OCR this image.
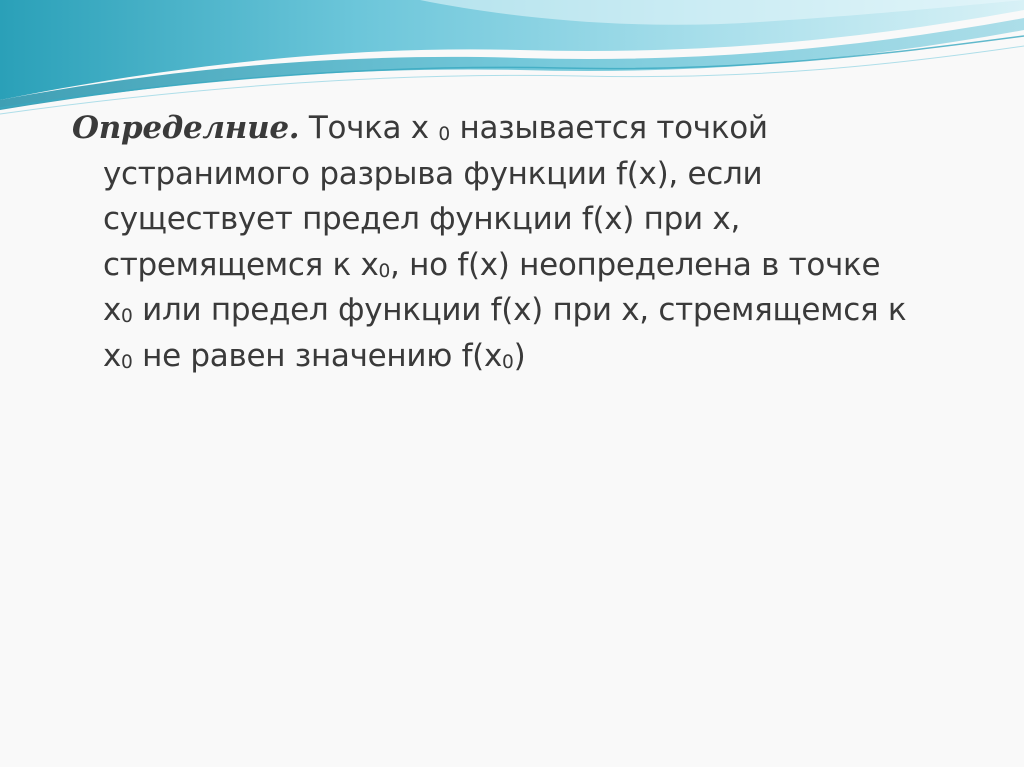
Определние. Точка x $_0$ называется точкой
устранимого разрыва функции f(x), если
существует предел функции f(x) при x,
стремящемся к $x_0$, но f(x) неопределена в точке
$x_0$ или предел функции f(x) при x, стремящемся к
$x_0$ не равен значению $f(x_0)$
